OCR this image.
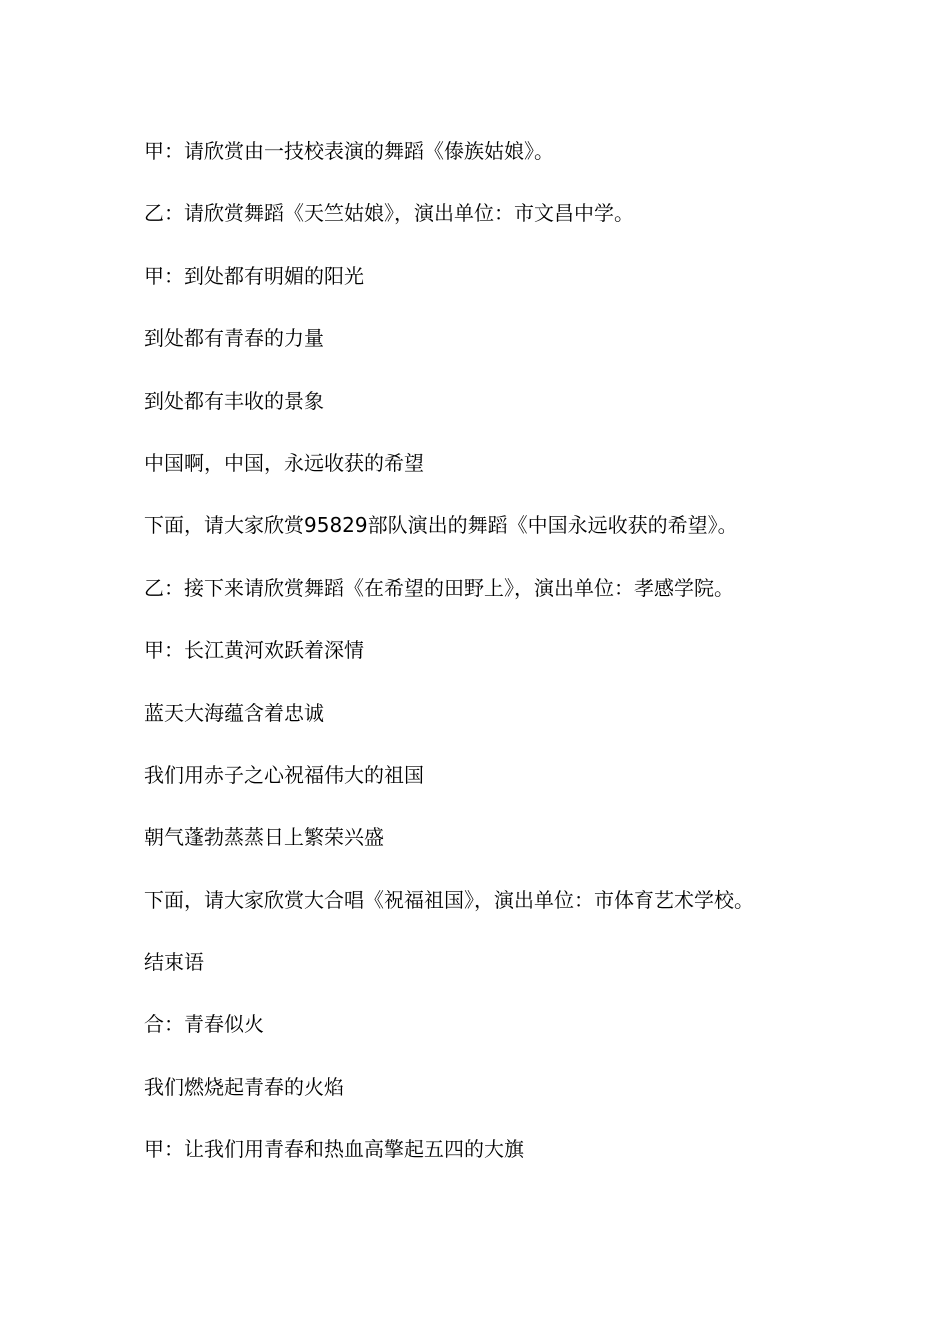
甲：请欣赏由一技校表演的舞蹈《傣族姑娘》。
乙：请欣赏舞蹈《天竺姑娘》，演出单位：市文昌中学。
甲：到处都有明媚的阳光
到处都有青春的力量
到处都有丰收的景象
中国啊，中国，永远收获的希望
下面，请大家欣赏95829部队演出的舞蹈《中国永远收获的希望》。
乙：接下来请欣赏舞蹈《在希望的田野上》，演出单位：孝感学院。
甲：长江黄河欢跃着深情
蓝天大海蕴含着忠诚
我们用赤子之心祝福伟大的祖国
朝气蓬勃蒸蒸日上繁荣兴盛
下面，请大家欣赏大合唱《祝福祖国》，演出单位：市体育艺术学校。
结束语
合：青春似火
我们燃烧起青春的火焰
甲：让我们用青春和热血高擎起五四的大旗
